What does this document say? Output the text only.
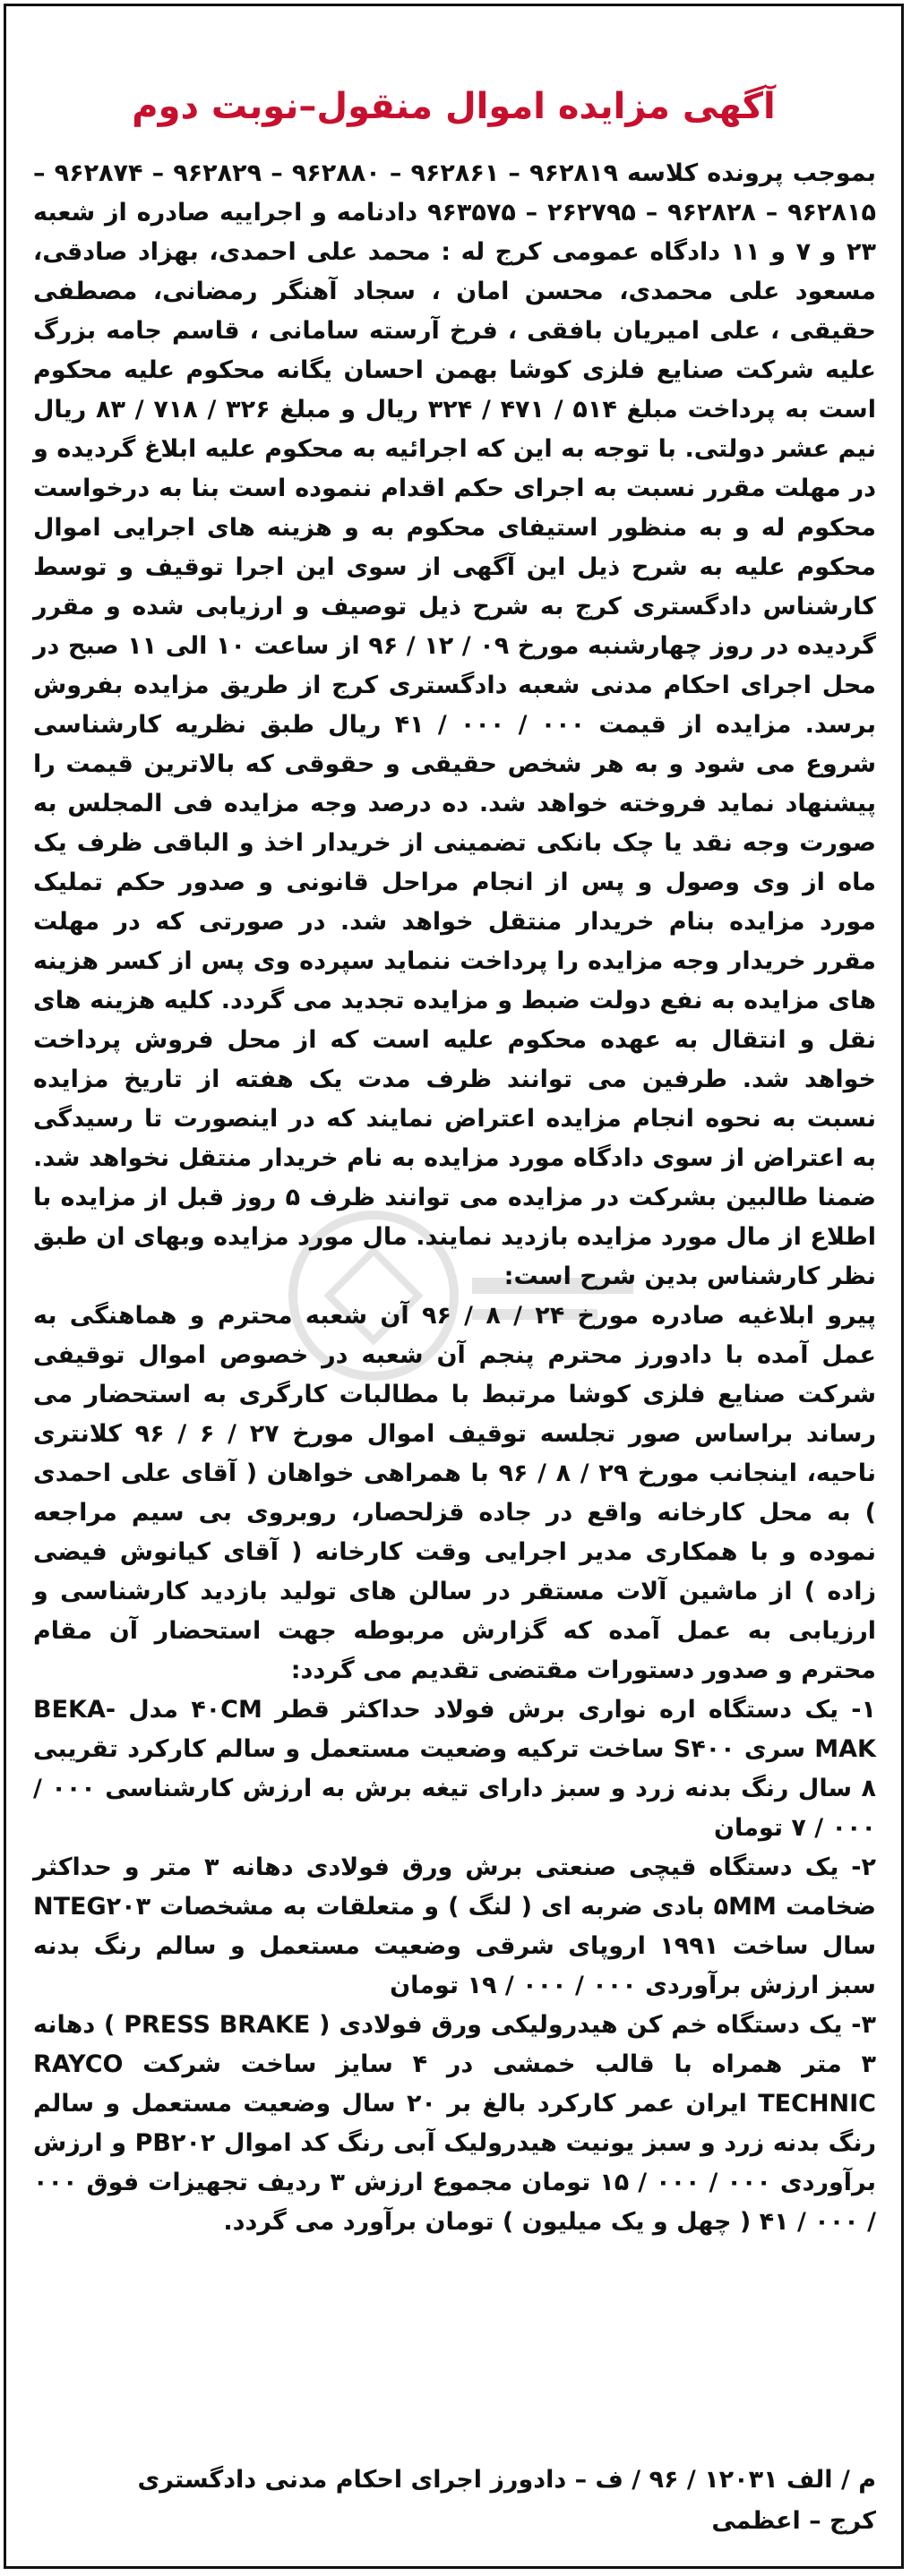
آگهی مزایده اموال منقول–نوبت دوم

بموجب پرونده کلاسه ۹۶۲۸۱۹ – ۹۶۲۸۶۱ – ۹۶۲۸۸۰ – ۹۶۲۸۲۹ – ۹۶۲۸۷۴ – ۹۶۲۸۱۵ – ۹۶۲۸۲۸ – ۲۶۲۷۹۵ – ۹۶۳۵۷۵ دادنامه و اجراییه صادره از شعبه ۲۳ و ۷ و ۱۱ دادگاه عمومی کرج له : محمد علی احمدی، بهزاد صادقی، مسعود علی محمدی، محسن امان ، سجاد آهنگر رمضانی، مصطفی حقیقی ، علی امیریان بافقی ، فرخ آرسته سامانی ، قاسم جامه بزرگ علیه شرکت صنایع فلزی کوشا بهمن احسان یگانه محکوم علیه محکوم است به پرداخت مبلغ ۵۱۴ / ۴۷۱ / ۳۲۴ ریال و مبلغ ۳۲۶ / ۷۱۸ / ۸۳ ریال نیم عشر دولتی. با توجه به این که اجرائیه به محکوم علیه ابلاغ گردیده و در مهلت مقرر نسبت به اجرای حکم اقدام ننموده است بنا به درخواست محکوم له و به منظور استیفای محکوم به و هزینه های اجرایی اموال محکوم علیه به شرح ذیل این آگهی از سوی این اجرا توقیف و توسط کارشناس دادگستری کرج به شرح ذیل توصیف و ارزیابی شده و مقرر گردیده در روز چهارشنبه مورخ ۰۹ / ۱۲ / ۹۶ از ساعت ۱۰ الی ۱۱ صبح در محل اجرای احکام مدنی شعبه دادگستری کرج از طریق مزایده بفروش برسد. مزایده از قیمت ۰۰۰ / ۰۰۰ / ۴۱ ریال طبق نظریه کارشناسی شروع می شود و به هر شخص حقیقی و حقوقی که بالاترین قیمت را پیشنهاد نماید فروخته خواهد شد. ده درصد وجه مزایده فی المجلس به صورت وجه نقد یا چک بانکی تضمینی از خریدار اخذ و الباقی ظرف یک ماه از وی وصول و پس از انجام مراحل قانونی و صدور حکم تملیک مورد مزایده بنام خریدار منتقل خواهد شد. در صورتی که در مهلت مقرر خریدار وجه مزایده را پرداخت ننماید سپرده وی پس از کسر هزینه های مزایده به نفع دولت ضبط و مزایده تجدید می گردد. کلیه هزینه های نقل و انتقال به عهده محکوم علیه است که از محل فروش پرداخت خواهد شد. طرفین می توانند ظرف مدت یک هفته از تاریخ مزایده نسبت به نحوه انجام مزایده اعتراض نمایند که در اینصورت تا رسیدگی به اعتراض از سوی دادگاه مورد مزایده به نام خریدار منتقل نخواهد شد. ضمنا طالبین بشرکت در مزایده می توانند ظرف ۵ روز قبل از مزایده با اطلاع از مال مورد مزایده بازدید نمایند. مال مورد مزایده وبهای ان طبق نظر کارشناس بدین شرح است:

پیرو ابلاغیه صادره مورخ ۲۴ / ۸ / ۹۶ آن شعبه محترم و هماهنگی به عمل آمده با دادورز محترم پنجم آن شعبه در خصوص اموال توقیفی شرکت صنایع فلزی کوشا مرتبط با مطالبات کارگری به استحضار می رساند براساس صور تجلسه توقیف اموال مورخ ۲۷ / ۶ / ۹۶ کلانتری ناحیه، اینجانب مورخ ۲۹ / ۸ / ۹۶ با همراهی خواهان ( آقای علی احمدی ) به محل کارخانه واقع در جاده قزلحصار، روبروی بی سیم مراجعه نموده و با همکاری مدیر اجرایی وقت کارخانه ( آقای کیانوش فیضی زاده ) از ماشین آلات مستقر در سالن های تولید بازدید کارشناسی و ارزیابی به عمل آمده که گزارش مربوطه جهت استحضار آن مقام محترم و صدور دستورات مقتضی تقدیم می گردد:

۱- یک دستگاه اره نواری برش فولاد حداکثر قطر ۴۰CM مدل BEKA-MAK سری S۴۰۰ ساخت ترکیه وضعیت مستعمل و سالم کارکرد تقریبی ۸ سال رنگ بدنه زرد و سبز دارای تیغه برش به ارزش کارشناسی ۰۰۰ / ۰۰۰ / ۷ تومان

۲- یک دستگاه قیچی صنعتی برش ورق فولادی دهانه ۳ متر و حداکثر ضخامت ۵MM بادی ضربه ای ( لنگ ) و متعلقات به مشخصات NTEG۲۰۳ سال ساخت ۱۹۹۱ اروپای شرقی وضعیت مستعمل و سالم رنگ بدنه سبز ارزش برآوردی ۰۰۰ / ۰۰۰ / ۱۹ تومان

۳- یک دستگاه خم کن هیدرولیکی ورق فولادی ( PRESS BRAKE ) دهانه ۳ متر همراه با قالب خمشی در ۴ سایز ساخت شرکت RAYCO TECHNIC ایران عمر کارکرد بالغ بر ۲۰ سال وضعیت مستعمل و سالم رنگ بدنه زرد و سبز یونیت هیدرولیک آبی رنگ کد اموال PB۲۰۲ و ارزش برآوردی ۰۰۰ / ۰۰۰ / ۱۵ تومان مجموع ارزش ۳ ردیف تجهیزات فوق ۰۰۰ / ۰۰۰ / ۴۱ ( چهل و یک میلیون ) تومان برآورد می گردد.

م / الف ۱۲۰۳۱ / ۹۶ / ف – دادورز اجرای احکام مدنی دادگستری
کرج – اعظمی
